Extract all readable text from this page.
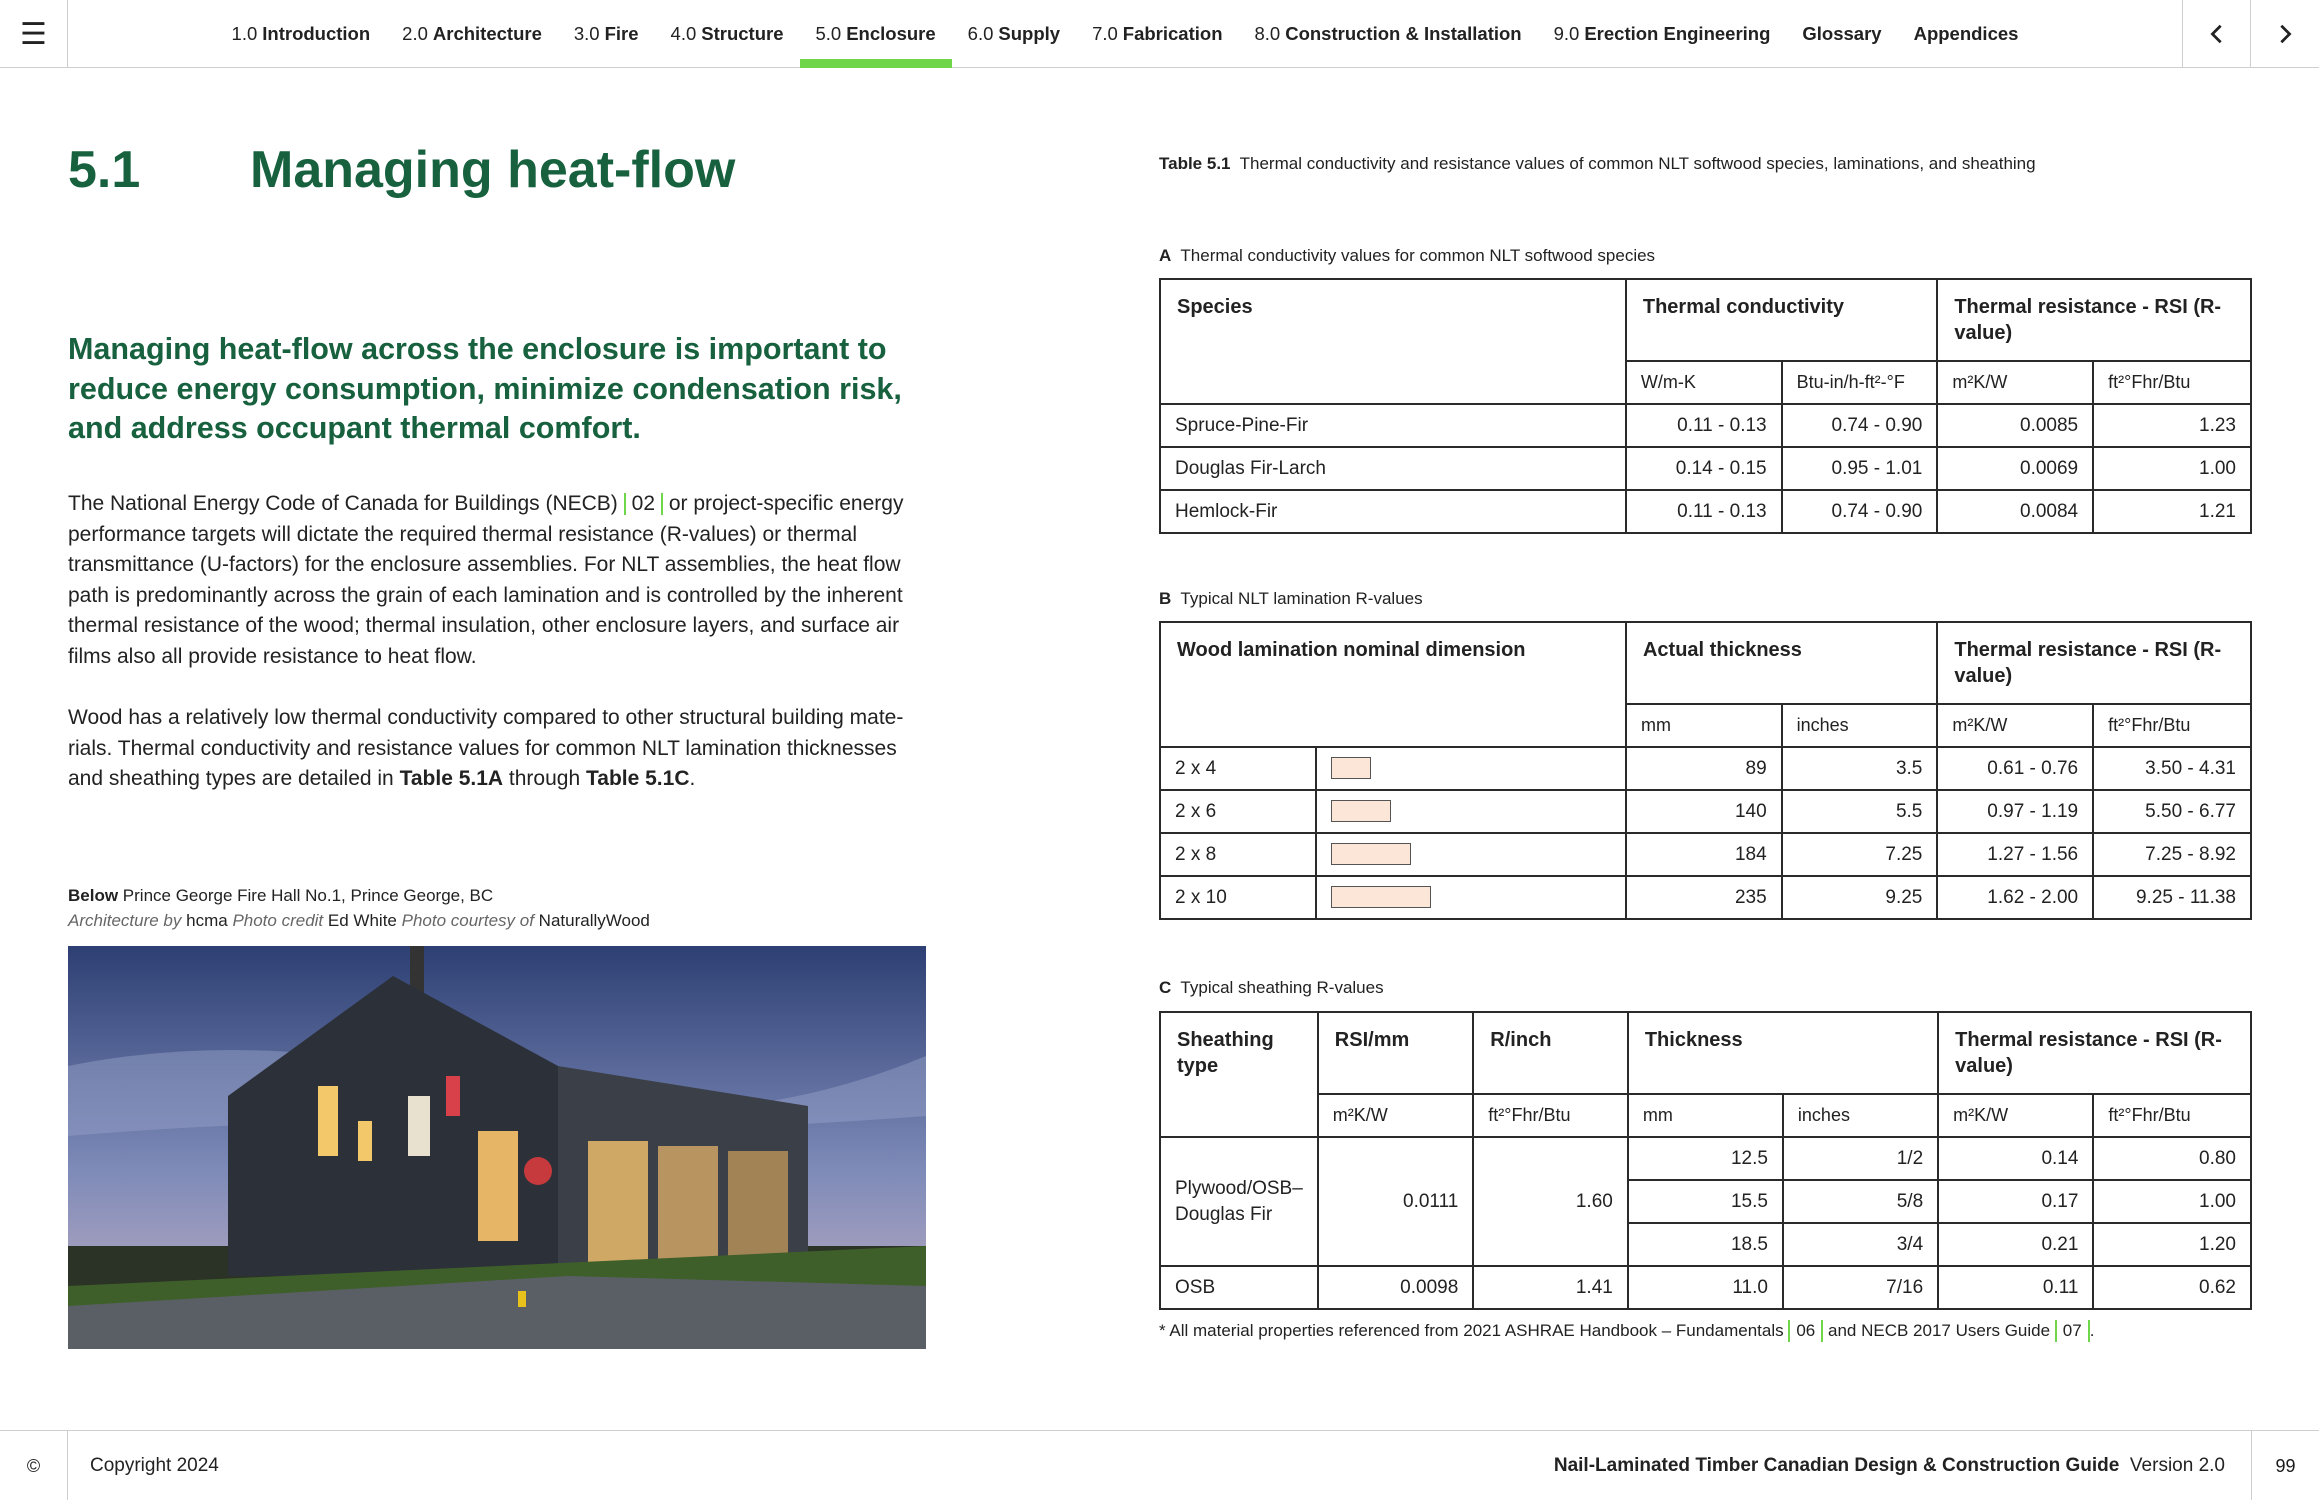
☰	1.0 Introduction 2.0 Architecture 3.0 Fire 4.0 Structure 5.0 Enclosure 6.0 Supply 7.0 Fabrication 8.0 Construction & Installation 9.0 Erection Engineering Glossary Appendices
5.1 Managing heat-flow
Managing heat-flow across the enclosure is important to reduce energy consumption, minimize condensation risk, and address occupant thermal comfort.
The National Energy Code of Canada for Buildings (NECB) 02 or project-specific energy performance targets will dictate the required thermal resistance (R-values) or thermal transmittance (U-factors) for the enclosure assemblies. For NLT assemblies, the heat flow path is predominantly across the grain of each lamination and is controlled by the inherent thermal resistance of the wood; thermal insulation, other enclosure layers, and surface air films also all provide resistance to heat flow.
Wood has a relatively low thermal conductivity compared to other structural building mate-rials. Thermal conductivity and resistance values for common NLT lamination thicknesses and sheathing types are detailed in Table 5.1A through Table 5.1C.
Below Prince George Fire Hall No.1, Prince George, BC
Architecture by hcma Photo credit Ed White Photo courtesy of NaturallyWood
Table 5.1 Thermal conductivity and resistance values of common NLT softwood species, laminations, and sheathing
A Thermal conductivity values for common NLT softwood species
Species	Thermal conductivity		Thermal resistance - RSI (R-value)	
	W/m-K	Btu-in/h-ft²-°F	m²K/W	ft²°Fhr/Btu
Spruce-Pine-Fir	0.11 - 0.13	0.74 - 0.90	0.0085	1.23
Douglas Fir-Larch	0.14 - 0.15	0.95 - 1.01	0.0069	1.00
Hemlock-Fir	0.11 - 0.13	0.74 - 0.90	0.0084	1.21
B Typical NLT lamination R-values
Wood lamination nominal dimension		Actual thickness		Thermal resistance - RSI (R-value)	
		mm	inches	m²K/W	ft²°Fhr/Btu
2 x 4		89	3.5	0.61 - 0.76	3.50 - 4.31
2 x 6		140	5.5	0.97 - 1.19	5.50 - 6.77
2 x 8		184	7.25	1.27 - 1.56	7.25 - 8.92
2 x 10		235	9.25	1.62 - 2.00	9.25 - 11.38
C Typical sheathing R-values
Sheathing type	RSI/mm	R/inch	Thickness		Thermal resistance - RSI (R-value)	
	m²K/W	ft²°Fhr/Btu	mm	inches	m²K/W	ft²°Fhr/Btu
Plywood/OSB–Douglas Fir	0.0111	1.60	12.5	1/2	0.14	0.80
			15.5	5/8	0.17	1.00
			18.5	3/4	0.21	1.20
OSB	0.0098	1.41	11.0	7/16	0.11	0.62
* All material properties referenced from 2021 ASHRAE Handbook – Fundamentals 06 and NECB 2017 Users Guide 07 .
©	Copyright 2024	Nail-Laminated Timber Canadian Design & Construction Guide Version 2.0	99
